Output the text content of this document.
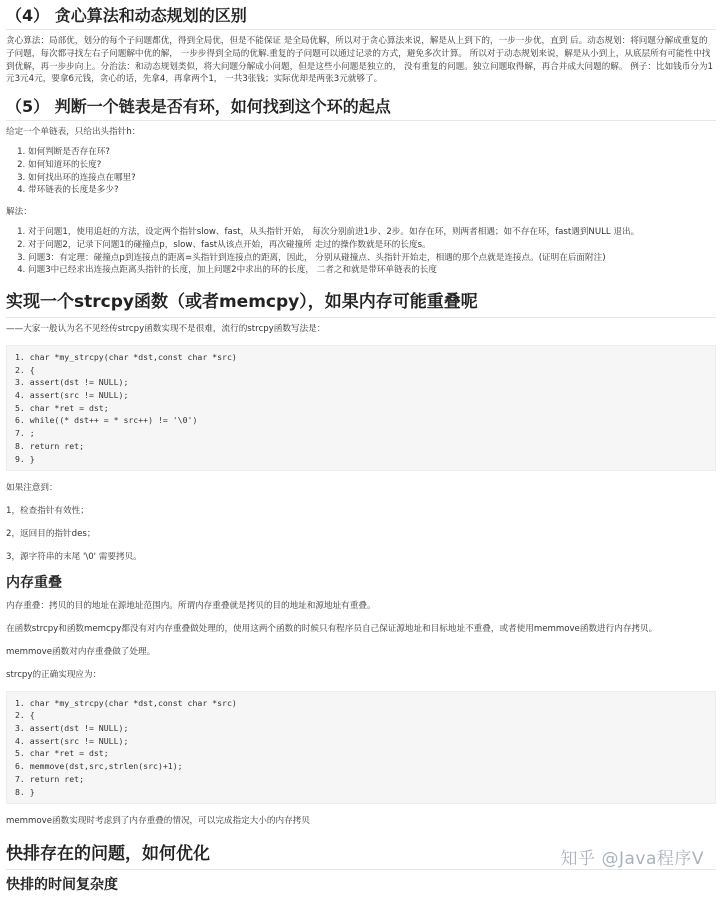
（4） 贪心算法和动态规划的区别

贪心算法：局部优，划分的每个子问题都优，得到全局优，但是不能保证 是全局优解，所以对于贪心算法来说，解是从上到下的，一步一步优，直到 后。动态规划：将问题分解成重复的子问题，每次都寻找左右子问题解中优的解， 一步步得到全局的优解.重复的子问题可以通过记录的方式，避免多次计算。 所以对于动态规划来说，解是从小到上，从底层所有可能性中找到优解，再一步步向上。分治法：和动态规划类似，将大问题分解成小问题，但是这些小问题是独立的， 没有重复的问题。独立问题取得解，再合并成大问题的解。 例子：比如钱币分为1元3元4元，要拿6元钱，贪心的话，先拿4，再拿两个1， 一共3张钱；实际优却是两张3元就够了。

（5） 判断一个链表是否有环，如何找到这个环的起点

给定一个单链表，只给出头指针h：

1. 如何判断是否存在环?
2. 如何知道环的长度?
3. 如何找出环的连接点在哪里?
4. 带环链表的长度是多少?

解法：

1. 对于问题1，使用追赶的方法，设定两个指针slow、fast，从头指针开始， 每次分别前进1步、2步。如存在环，则两者相遇；如不存在环，fast遇到NULL 退出。
2. 对于问题2，记录下问题1的碰撞点p，slow、fast从该点开始，再次碰撞所 走过的操作数就是环的长度s。
3. 问题3：有定理：碰撞点p到连接点的距离=头指针到连接点的距离，因此， 分别从碰撞点、头指针开始走，相遇的那个点就是连接点。(证明在后面附注)
4. 问题3中已经求出连接点距离头指针的长度，加上问题2中求出的环的长度， 二者之和就是带环单链表的长度
实现一个strcpy函数（或者memcpy），如果内存可能重叠呢

——大家一般认为名不见经传strcpy函数实现不是很难，流行的strcpy函数写法是：

1. char *my_strcpy(char *dst,const char *src)
2. {
3. assert(dst != NULL);
4. assert(src != NULL);
5. char *ret = dst;
6. while((* dst++ = * src++) != '\0')
7. ;
8. return ret;
9. }

如果注意到：

1，检查指针有效性；

2，返回目的指针des；

3，源字符串的末尾 '\0' 需要拷贝。

内存重叠

内存重叠：拷贝的目的地址在源地址范围内。所谓内存重叠就是拷贝的目的地址和源地址有重叠。

在函数strcpy和函数memcpy都没有对内存重叠做处理的，使用这两个函数的时候只有程序员自己保证源地址和目标地址不重叠，或者使用memmove函数进行内存拷贝。

memmove函数对内存重叠做了处理。

strcpy的正确实现应为：

1. char *my_strcpy(char *dst,const char *src)
2. {
3. assert(dst != NULL);
4. assert(src != NULL);
5. char *ret = dst;
6. memmove(dst,src,strlen(src)+1);
7. return ret;
8. }

memmove函数实现时考虑到了内存重叠的情况，可以完成指定大小的内存拷贝

快排存在的问题，如何优化
快排的时间复杂度
知乎 @Java程序V
